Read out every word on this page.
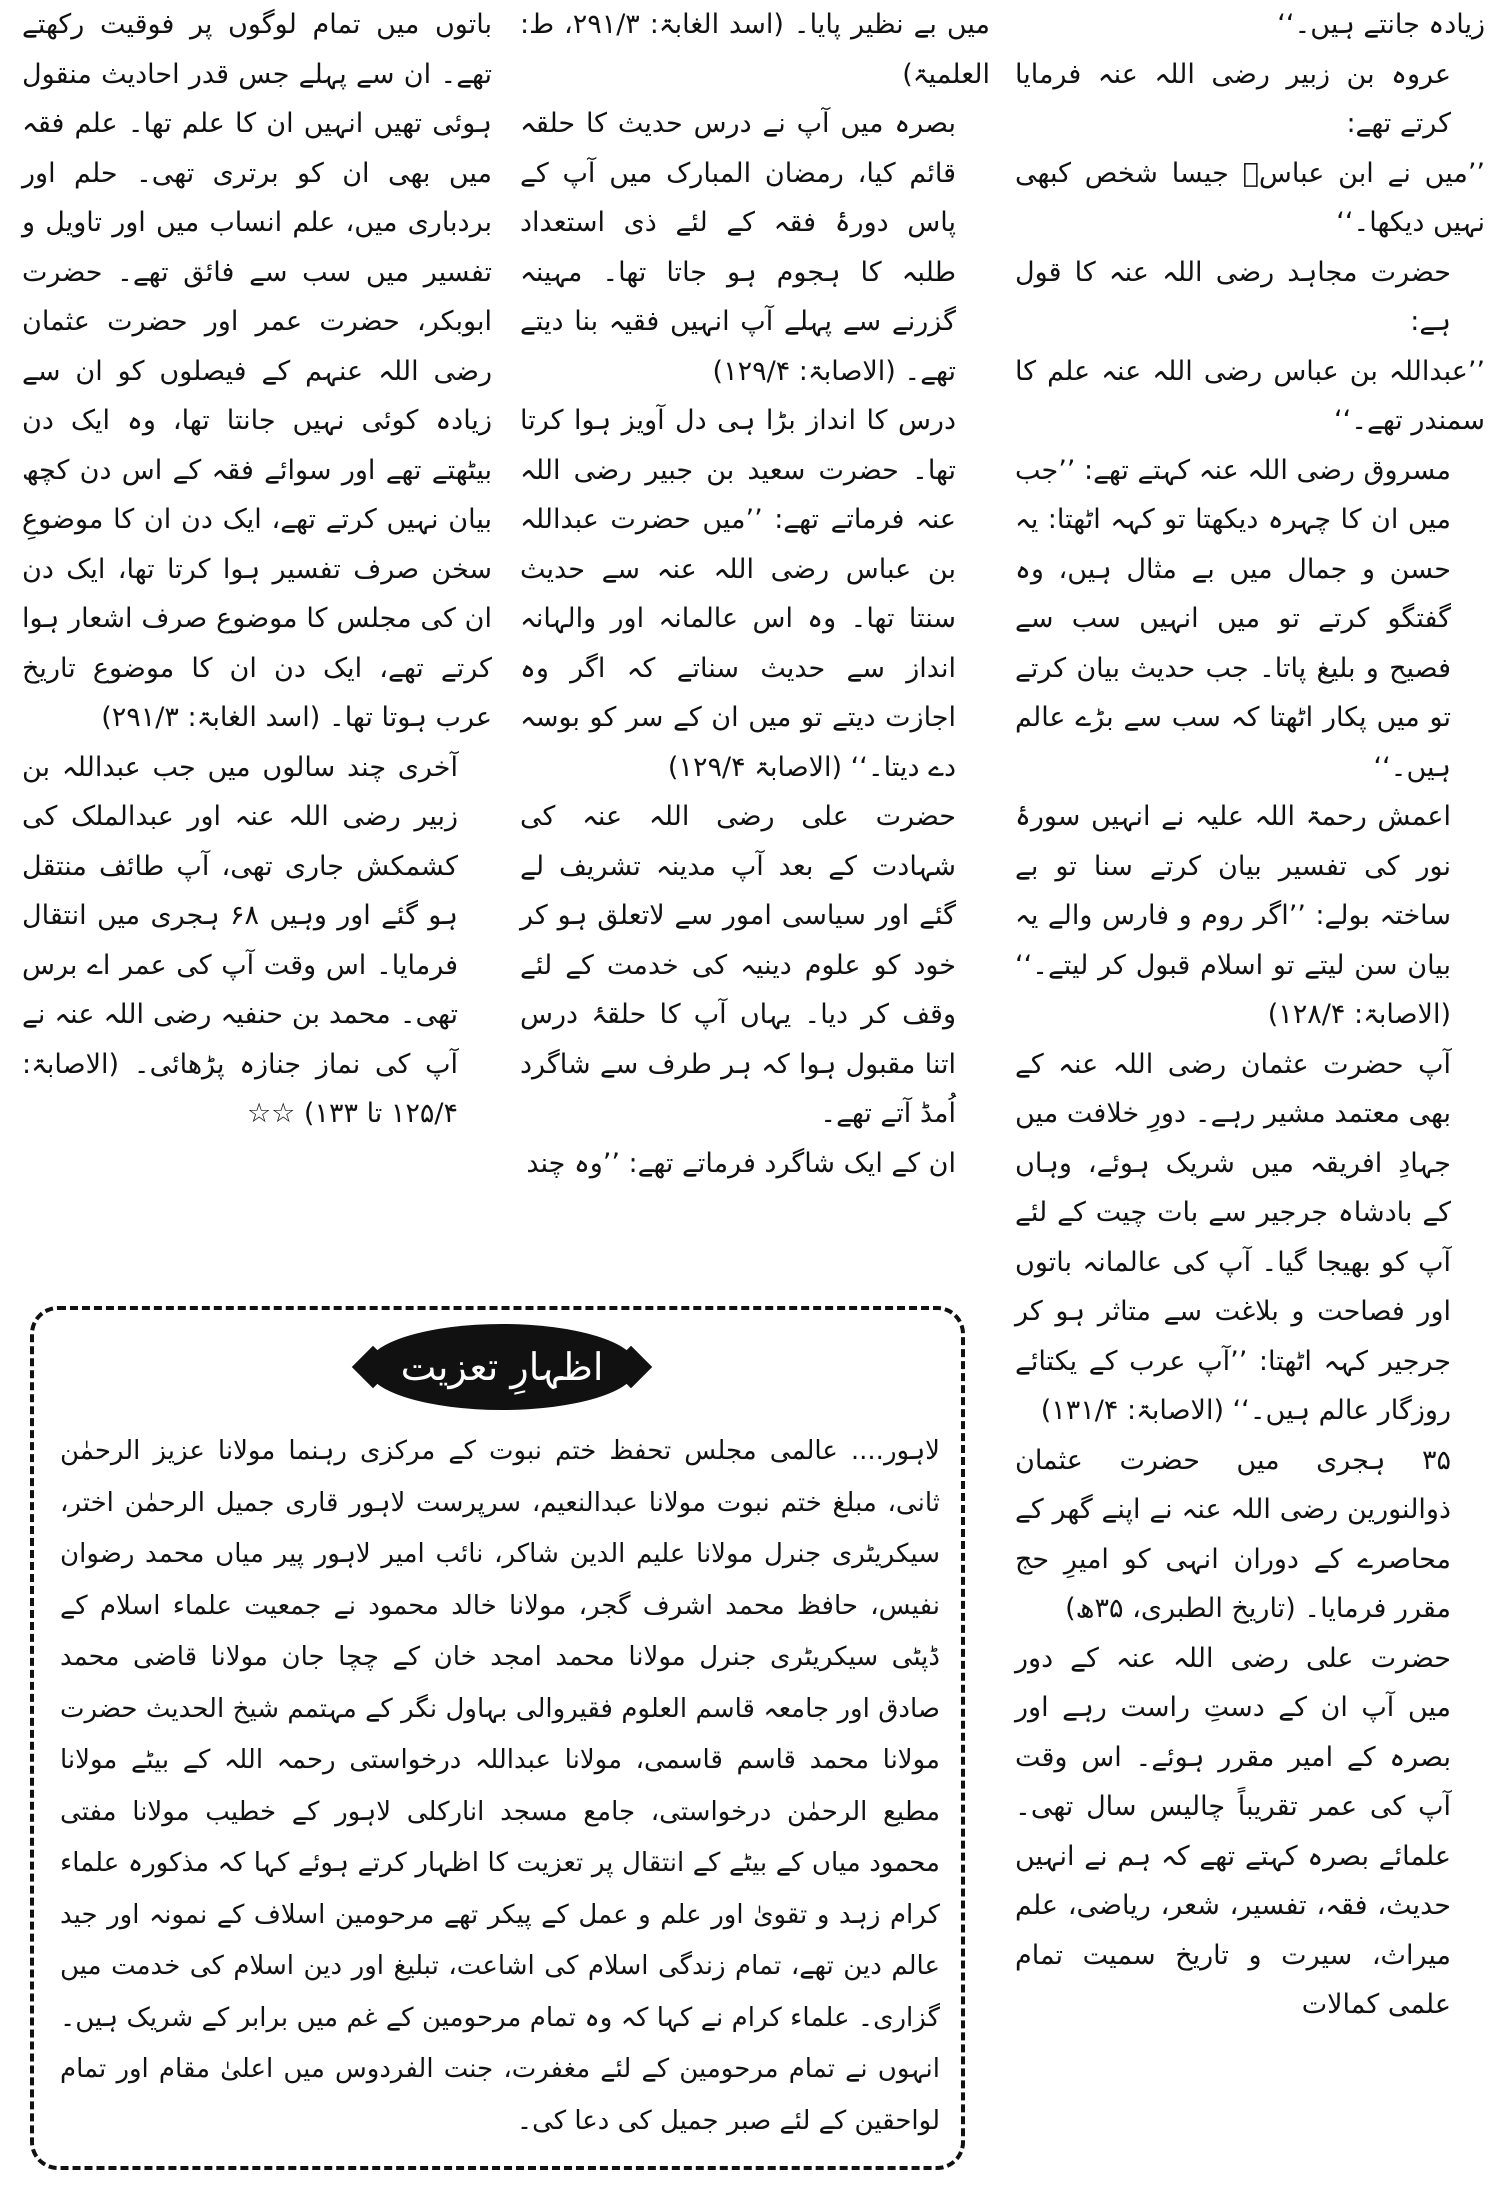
زیادہ جانتے ہیں۔‘‘

عروہ بن زبیر رضی اللہ عنہ فرمایا کرتے تھے:

’’میں نے ابن عباسؓ جیسا شخص کبھی نہیں دیکھا۔‘‘

حضرت مجاہد رضی اللہ عنہ کا قول ہے:

’’عبداللہ بن عباس رضی اللہ عنہ علم کا سمندر تھے۔‘‘

مسروق رضی اللہ عنہ کہتے تھے: ’’جب میں ان کا چہرہ دیکھتا تو کہہ اٹھتا: یہ حسن و جمال میں بے مثال ہیں، وہ گفتگو کرتے تو میں انہیں سب سے فصیح و بلیغ پاتا۔ جب حدیث بیان کرتے تو میں پکار اٹھتا کہ سب سے بڑے عالم ہیں۔‘‘

اعمش رحمۃ اللہ علیہ نے انہیں سورۂ نور کی تفسیر بیان کرتے سنا تو بے ساختہ بولے: ’’اگر روم و فارس والے یہ بیان سن لیتے تو اسلام قبول کر لیتے۔‘‘ (الاصابۃ: ۱۲۸/۴)

آپ حضرت عثمان رضی اللہ عنہ کے بھی معتمد مشیر رہے۔ دورِ خلافت میں جہادِ افریقہ میں شریک ہوئے، وہاں کے بادشاہ جرجیر سے بات چیت کے لئے آپ کو بھیجا گیا۔ آپ کی عالمانہ باتوں اور فصاحت و بلاغت سے متاثر ہو کر جرجیر کہہ اٹھتا: ’’آپ عرب کے یکتائے روزگار عالم ہیں۔‘‘ (الاصابۃ: ۱۳۱/۴)

۳۵ ہجری میں حضرت عثمان ذوالنورین رضی اللہ عنہ نے اپنے گھر کے محاصرے کے دوران انہی کو امیرِ حج مقرر فرمایا۔ (تاریخ الطبری، ۳۵ھ)

حضرت علی رضی اللہ عنہ کے دور میں آپ ان کے دستِ راست رہے اور بصرہ کے امیر مقرر ہوئے۔ اس وقت آپ کی عمر تقریباً چالیس سال تھی۔ علمائے بصرہ کہتے تھے کہ ہم نے انہیں حدیث، فقہ، تفسیر، شعر، ریاضی، علم میراث، سیرت و تاریخ سمیت تمام علمی کمالات

میں بے نظیر پایا۔ (اسد الغابۃ: ۲۹۱/۳، ط: العلمیۃ)

بصرہ میں آپ نے درس حدیث کا حلقہ قائم کیا، رمضان المبارک میں آپ کے پاس دورۂ فقہ کے لئے ذی استعداد طلبہ کا ہجوم ہو جاتا تھا۔ مہینہ گزرنے سے پہلے آپ انہیں فقیہ بنا دیتے تھے۔ (الاصابۃ: ۱۲۹/۴)

درس کا انداز بڑا ہی دل آویز ہوا کرتا تھا۔ حضرت سعید بن جبیر رضی اللہ عنہ فرماتے تھے: ’’میں حضرت عبداللہ بن عباس رضی اللہ عنہ سے حدیث سنتا تھا۔ وہ اس عالمانہ اور والہانہ انداز سے حدیث سناتے کہ اگر وہ اجازت دیتے تو میں ان کے سر کو بوسہ دے دیتا۔‘‘ (الاصابۃ ۱۲۹/۴)

حضرت علی رضی اللہ عنہ کی شہادت کے بعد آپ مدینہ تشریف لے گئے اور سیاسی امور سے لاتعلق ہو کر خود کو علوم دینیہ کی خدمت کے لئے وقف کر دیا۔ یہاں آپ کا حلقۂ درس اتنا مقبول ہوا کہ ہر طرف سے شاگرد اُمڈ آتے تھے۔

ان کے ایک شاگرد فرماتے تھے: ’’وہ چند

باتوں میں تمام لوگوں پر فوقیت رکھتے تھے۔ ان سے پہلے جس قدر احادیث منقول ہوئی تھیں انہیں ان کا علم تھا۔ علم فقہ میں بھی ان کو برتری تھی۔ حلم اور بردباری میں، علم انساب میں اور تاویل و تفسیر میں سب سے فائق تھے۔ حضرت ابوبکر، حضرت عمر اور حضرت عثمان رضی اللہ عنہم کے فیصلوں کو ان سے زیادہ کوئی نہیں جانتا تھا، وہ ایک دن بیٹھتے تھے اور سوائے فقہ کے اس دن کچھ بیان نہیں کرتے تھے، ایک دن ان کا موضوعِ سخن صرف تفسیر ہوا کرتا تھا، ایک دن ان کی مجلس کا موضوع صرف اشعار ہوا کرتے تھے، ایک دن ان کا موضوع تاریخ عرب ہوتا تھا۔ (اسد الغابۃ: ۲۹۱/۳)

آخری چند سالوں میں جب عبداللہ بن زبیر رضی اللہ عنہ اور عبدالملک کی کشمکش جاری تھی، آپ طائف منتقل ہو گئے اور وہیں ۶۸ ہجری میں انتقال فرمایا۔ اس وقت آپ کی عمر اے برس تھی۔ محمد بن حنفیہ رضی اللہ عنہ نے آپ کی نماز جنازہ پڑھائی۔ (الاصابۃ: ۱۲۵/۴ تا ۱۳۳) ☆☆

اظہارِ تعزیت
لاہور.... عالمی مجلس تحفظ ختم نبوت کے مرکزی رہنما مولانا عزیز الرحمٰن ثانی، مبلغ ختم نبوت مولانا عبدالنعیم، سرپرست لاہور قاری جمیل الرحمٰن اختر، سیکریٹری جنرل مولانا علیم الدین شاکر، نائب امیر لاہور پیر میاں محمد رضوان نفیس، حافظ محمد اشرف گجر، مولانا خالد محمود نے جمعیت علماء اسلام کے ڈپٹی سیکریٹری جنرل مولانا محمد امجد خان کے چچا جان مولانا قاضی محمد صادق اور جامعہ قاسم العلوم فقیروالی بہاول نگر کے مہتمم شیخ الحدیث حضرت مولانا محمد قاسم قاسمی، مولانا عبداللہ درخواستی رحمہ اللہ کے بیٹے مولانا مطیع الرحمٰن درخواستی، جامع مسجد انارکلی لاہور کے خطیب مولانا مفتی محمود میاں کے بیٹے کے انتقال پر تعزیت کا اظہار کرتے ہوئے کہا کہ مذکورہ علماء کرام زہد و تقویٰ اور علم و عمل کے پیکر تھے مرحومین اسلاف کے نمونہ اور جید عالم دین تھے، تمام زندگی اسلام کی اشاعت، تبلیغ اور دین اسلام کی خدمت میں گزاری۔ علماء کرام نے کہا کہ وہ تمام مرحومین کے غم میں برابر کے شریک ہیں۔ انہوں نے تمام مرحومین کے لئے مغفرت، جنت الفردوس میں اعلیٰ مقام اور تمام لواحقین کے لئے صبر جمیل کی دعا کی۔
